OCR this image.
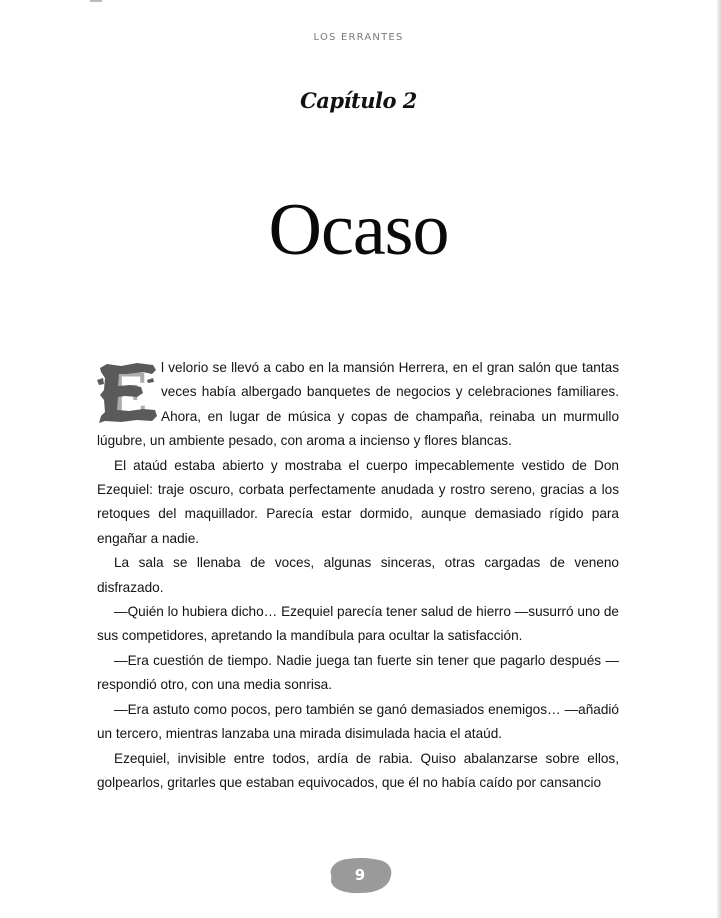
LOS ERRANTES
Capítulo 2
Ocaso
E l velorio se llevó a cabo en la mansión Herrera, en el gran salón que tantas veces había albergado banquetes de negocios y celebraciones familiares. Ahora, en lugar de música y copas de champaña, reinaba un murmullo lúgubre, un ambiente pesado, con aroma a incienso y flores blancas.

El ataúd estaba abierto y mostraba el cuerpo impecablemente vestido de Don Ezequiel: traje oscuro, corbata perfectamente anudada y rostro sereno, gracias a los retoques del maquillador. Parecía estar dormido, aunque demasiado rígido para engañar a nadie.

La sala se llenaba de voces, algunas sinceras, otras cargadas de veneno disfrazado.

—Quién lo hubiera dicho… Ezequiel parecía tener salud de hierro —susurró uno de sus competidores, apretando la mandíbula para ocultar la satisfacción.

—Era cuestión de tiempo. Nadie juega tan fuerte sin tener que pagarlo después —respondió otro, con una media sonrisa.

—Era astuto como pocos, pero también se ganó demasiados enemigos… —añadió un tercero, mientras lanzaba una mirada disimulada hacia el ataúd.

Ezequiel, invisible entre todos, ardía de rabia. Quiso abalanzarse sobre ellos, golpearlos, gritarles que estaban equivocados, que él no había caído por cansancio

9
